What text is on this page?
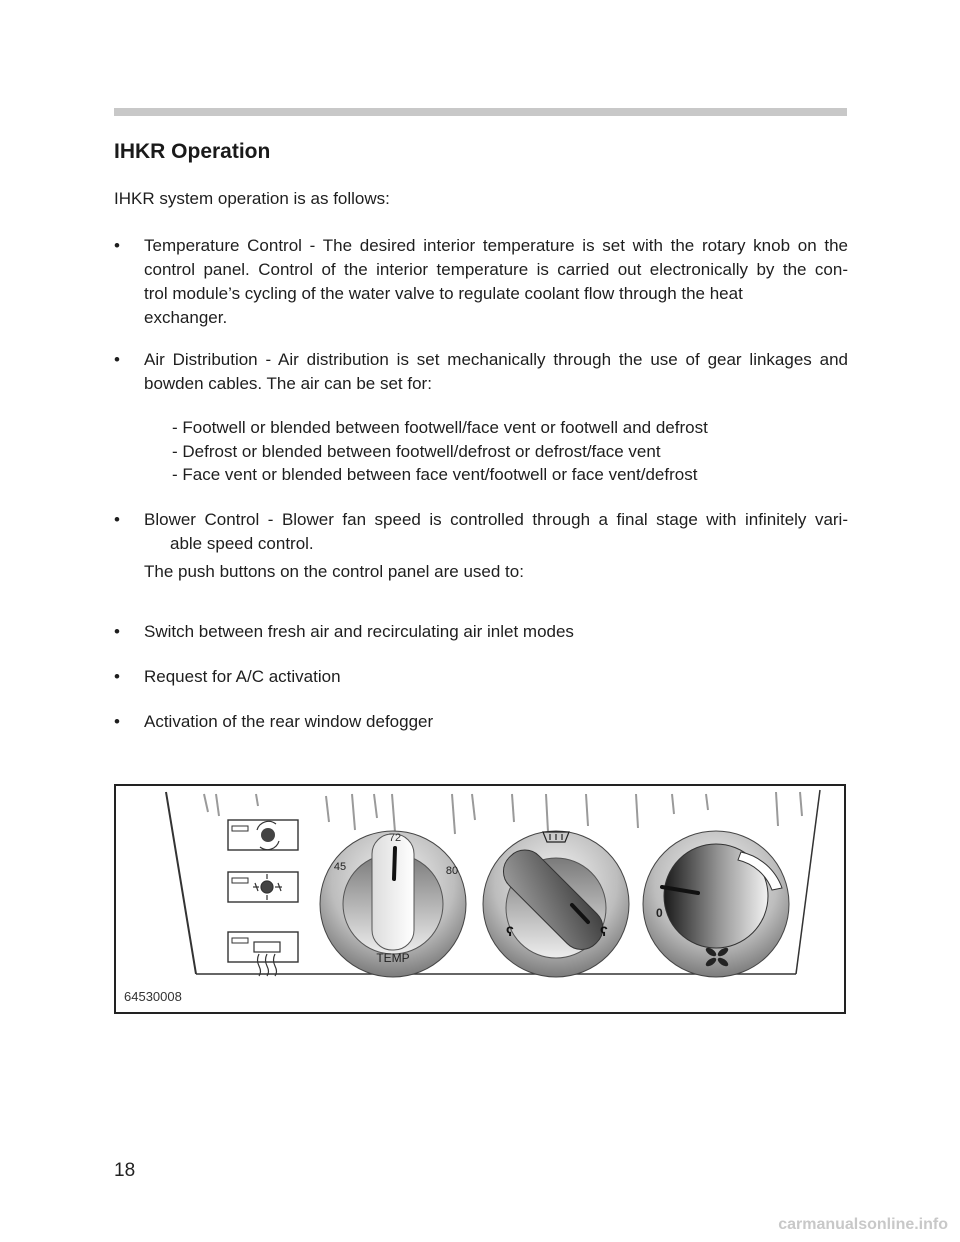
IHKR Operation

IHKR system operation is as follows:

•	Temperature Control - The desired interior temperature is set with the rotary knob on the
control panel. Control of the interior temperature is carried out electronically by the con-
trol module’s cycling of the water valve to regulate coolant flow through the heat
exchanger.
•	Air Distribution - Air distribution is set mechanically through the use of gear linkages and
bowden cables. The air can be set for:
- Footwell or blended between footwell/face vent or footwell and defrost
- Defrost or blended between footwell/defrost or defrost/face vent
- Face vent or blended between face vent/footwell or face vent/defrost
•	Blower Control - Blower fan speed is controlled through a final stage with infinitely vari-
able speed control.

The push buttons on the control panel are used to:

•	Switch between fresh air and recirculating air inlet modes
•	Request for A/C activation
•	Activation of the rear window defogger
72
45	80
TEMP
ʕ	ʕ
0
64530008
18
carmanualsonline.info
